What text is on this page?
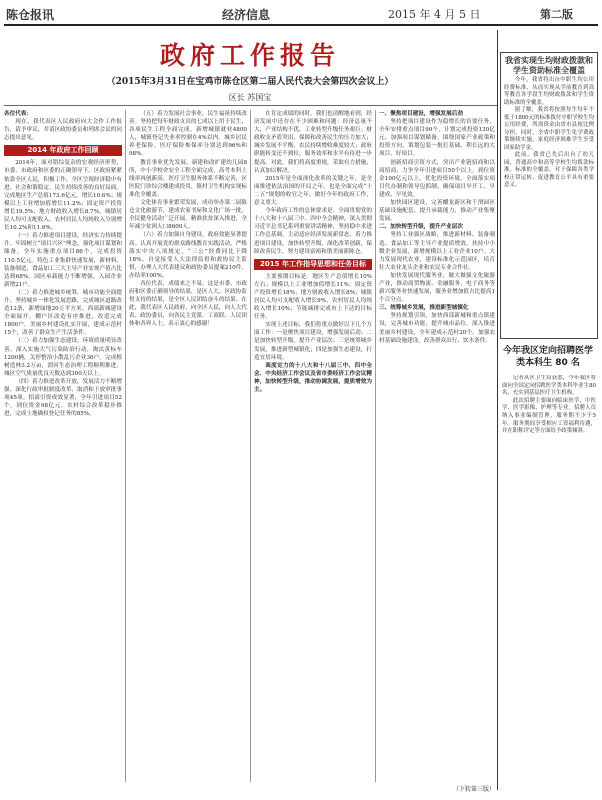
陈仓报讯	经济信息	2015 年 4 月 5 日	第二版
政府工作报告
（2015年3月31日在宝鸡市陈仓区第二届人民代表大会第四次会议上）
区长 苏国宝

各位代表：

现在，我代表区人民政府向大会作工作报告，请予审议，并请区政协委员和列席会议的同志提出意见。

2014 年政府工作回顾

2014年，面对错综复杂的宏观经济形势，市委、市政府和区委的正确领导下，区政府紧紧依靠全区人民，积极工作，全区呈现经济稳中有进、社会和谐稳定、民生持续改善的良好局面。完成地区生产总值173.6亿元，增长10.6%；规模以上工业增加值增长11.2%；固定资产投资增长19.5%；地方财政收入增长8.7%，城镇居民人均可支配收入、农村居民人均纯收入分别增长10.2%和11.6%。

（一）着力推进项目建设，经济实力持续提升。牢固树立“项目兴区”理念，强化项目谋划和储备，全年实施重点项目86个，完成投资110.5亿元。特色工业集群快速发展，新材料、装备制造、食品加工三大主导产业实现产值占比达到68%。园区承载能力不断增强，入园企业新增21户。

（二）着力推进城乡统筹，城市功能全面提升。坚持城乡一体化发展思路，完成城区道路改造12条，新增绿地20万平方米。西部新城建设全面展开，棚户区改造有序推进，改造完成1800户。美丽乡村建设扎实开展，建成示范村15个，改善了群众生产生活条件。

（三）着力加强生态建设，环境质量明显改善。深入实施大气污染防治行动，淘汰黄标车1200辆，关停整治小散乱污企业36户。完成植树造林3.2万亩，渭河生态治理工程顺利推进，城区空气质量优良天数达到300天以上。

（四）着力推进改革开放，发展活力不断增强。深化行政审批制度改革，取消和下放审批事项45项。招商引资成效显著，全年引进项目52个，到位资金98亿元。农村综合改革稳步推进，完成土地确权登记任务的85%。

（五）着力发展社会事业，民生福祉持续改善。坚持把每年财政支出的七成以上用于民生，各项民生工程全面完成。新增城镇就业4800人，城镇登记失业率控制在4%以内。城乡居民养老保险、医疗保险参保率分别达到96%和98%。

教育事业优先发展，新建和改扩建幼儿园8所，中小学校舍安全工程全面完成，高考本科上线率再创新高。医疗卫生服务体系不断完善，区医院门诊综合楼建成投用，镇村卫生机构实现标准化全覆盖。

文化体育事业繁荣发展，成功举办第二届陈仓文化旅游节，建成农家书屋和文化广场一批，全民健身活动广泛开展。精准扶贫深入推进，全年减少贫困人口8600人。

（六）着力加强自身建设，政府效能显著提高。认真开展党的群众路线教育实践活动，严格落实中央八项规定，“三公”经费同比下降18%。自觉接受人大法律监督和政协民主监督，办理人大代表建议和政协委员提案210件，办结率100%。

各位代表，成绩来之不易。这是市委、市政府和区委正确领导的结果，是区人大、区政协监督支持的结果，是全区人民团结奋斗的结果。在此，我代表区人民政府，向全区人民，向人大代表、政协委员，向各民主党派、工商联、人民团体和各界人士，表示衷心的感谢！

在肯定成绩的同时，我们也清醒地看到，经济发展中还存在不少困难和问题：经济总量不大，产业结构不优，工业转型升级任务艰巨；财政收支矛盾突出，保障和改善民生的压力加大；城乡发展不平衡，农民持续增收难度较大；政府职能转变还不到位，服务效率和水平有待进一步提高。对此，我们将高度重视，采取有力措施，认真加以解决。

2015年是全面深化改革的关键之年，是全面推进依法治国的开局之年，也是全面完成“十二五”规划的收官之年。做好今年的政府工作，意义重大。

今年政府工作的总体要求是：全面贯彻党的十八大和十八届三中、四中全会精神，深入贯彻习近平总书记系列重要讲话精神，坚持稳中求进工作总基调，主动适应经济发展新常态，着力推进项目建设，加快转型升级，深化改革创新，保障改善民生，努力建设富裕和谐美丽新陈仓。

2015 年工作指导思想和任务目标

主要预期目标是：地区生产总值增长10%左右；规模以上工业增加值增长11%；固定资产投资增长18%；地方财政收入增长8%；城镇居民人均可支配收入增长9%，农村居民人均纯收入增长10%；节能减排完成市上下达的目标任务。

实现上述目标，我们将重点做好以下几个方面工作：一是聚焦项目建设，增强发展后劲；二是加快转型升级，提升产业层次；三是统筹城乡发展，推进新型城镇化；四是加强生态建设，打造宜居环境。

高度定力的十八大和十八届三中、四中全会、中央经济工作会议及省市委经济工作会议精神，加快转型升级，推动协调发展，提质增效为主。

一、聚焦项目建设，增强发展后劲

坚持把项目建设作为稳增长的首要任务，全年安排重点项目90个，计划完成投资130亿元。加强项目谋划储备，围绕国家产业政策和投资方向，策划包装一批打基础、利长远的大项目、好项目。

创新招商引资方式，突出产业链招商和以商招商，力争全年引进项目50个以上，到位资金100亿元以上。优化投资环境，全面落实项目代办制和领导包抓制，确保项目早开工、早建成、早见效。

加快园区建设，完善蟠龙新区和千渭园区基础设施配套，提升承载能力，推动产业集聚发展。

二、加快转型升级，提升产业层次

坚持工业强区战略，推进新材料、装备制造、食品加工等主导产业提质增效。扶持中小微企业发展，新增规模以上工业企业10户。大力发展现代农业，建设标准化示范园区，培育壮大农业龙头企业和农民专业合作社。

加快发展现代服务业，做大做强文化旅游产业，推动商贸物流、金融服务、电子商务等新兴服务业快速发展，服务业增加值占比提高1个百分点。

三、统筹城乡发展，推进新型城镇化

坚持规划引领，加快西部新城和重点镇建设，完善城市功能，提升城市品位。深入推进美丽乡村建设，全年建成示范村20个。加强农村基础设施建设，改善群众出行、饮水条件。

（下转第三版）
我省实现生均财政拨款和学生资助标准全覆盖

今年，我省将出台中职生均公用经费标准，从而实现从学前教育到高等教育各学段生均财政拨款和学生资助标准的全覆盖。

据了解，我省将按照每生每年不低于1800元的标准拨付中职学校生均公用经费，所需资金由省市县按比例分担。同时，全省中职学生免学费政策继续实施，家庭经济困难学生享受国家助学金。

此前，我省已先后出台了幼儿园、普通高中和高等学校生均拨款标准。标准的全覆盖，对于保障各类学校正常运转、促进教育公平具有重要意义。

今年我区定向招聘医学类本科生 80 名

记者从区卫生局获悉，今年我区将面向全国定向招聘医学类本科毕业生80名，充实到基层医疗卫生机构。

此次招聘主要面向临床医学、中医学、医学影像、护理等专业。招聘人员纳入事业编制管理，服务期不少于5年。服务期间享受相应工资福利待遇，并在职称评定等方面给予政策倾斜。
